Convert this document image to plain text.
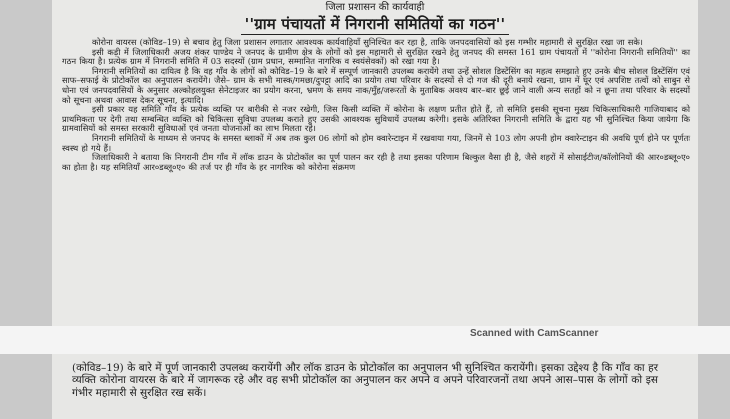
जिला प्रशासन की कार्यवाही
''ग्राम पंचायतों में निगरानी समितियों का गठन''

कोरोना वायरस (कोविड–19) से बचाव हेतु जिला प्रशासन लगातार आवश्यक कार्यवाहियाँ सुनिश्चित कर रहा है, ताकि जनपदवासियों को इस गम्भीर महामारी से सुरक्षित रखा जा सके।

इसी कड़ी में जिलाधिकारी अजय शंकर पाण्डेय ने जनपद के ग्रामीण क्षेत्र के लोगों को इस महामारी से सुरक्षित रखने हेतु जनपद की समस्त 161 ग्राम पंचायतों में ''कोरोना निगरानी समितियों'' का गठन किया है। प्रत्येक ग्राम में निगरानी समिति में 03 सदस्यों (ग्राम प्रधान, सम्मानित नागरिक व स्वयंसेवकों) को रखा गया है।

निगरानी समितियों का दायित्व है कि वह गाँव के लोगों को कोविड–19 के बारे में सम्पूर्ण जानकारी उपलब्ध करायेंगे तथा उन्हें सोशल डिस्टेंसिंग का महत्व समझाते हुए उनके बीच सोशल डिस्टेंसिंग एवं साफ–सफाई के प्रोटोकॉल का अनुपालन करायेंगे। जैसे– ग्राम के सभी मास्क/गमछा/दुपट्टा आदि का प्रयोग तथा परिवार के सदस्यों से दो गज की दूरी बनाये रखना, ग्राम में घूर एवं अपशिष्ट तत्वों को साबुन से धोना एवं जनपदवासियों के अनुसार अल्कोहलयुक्त सेनेटाइजर का प्रयोग करना, भ्रमण के समय नाक/मुँह/जरूरतों के मुताबिक अवश्य बार–बार छूई जाने वाली अन्य सतहों को न छूना तथा परिवार के सदस्यों को सूचना अथवा आवास देकर सूचना, इत्यादि।

इसी प्रकार यह समिति गाँव के प्रत्येक व्यक्ति पर बारीकी से नजर रखेगी, जिस किसी व्यक्ति में कोरोना के लक्षण प्रतीत होते हैं, तो समिति इसकी सूचना मुख्य चिकित्साधिकारी गाजियाबाद को प्राथमिकता पर देगी तथा सम्बन्धित व्यक्ति को चिकित्सा सुविधा उपलब्ध कराते हुए उसकी आवश्यक सुविधायें उपलब्ध करेगी। इसके अतिरिक्त निगरानी समिति के द्वारा यह भी सुनिश्चित किया जायेगा कि ग्रामवासियों को समस्त सरकारी सुविधाओं एवं जनता योजनाओं का लाभ मिलता रहे।

निगरानी समितियों के माध्यम से जनपद के समस्त ब्लाकों में अब तक कुल 06 लोगों को होम क्वारेन्टाइन में रखवाया गया, जिनमें से 103 लोग अपनी होम क्वारेन्टाइन की अवधि पूर्ण होने पर पूर्णतः स्वस्थ हो गये हैं।

जिलाधिकारी ने बताया कि निगरानी टीम गाँव में लॉक डाउन के प्रोटोकॉल का पूर्ण पालन कर रही है तथा इसका परिणाम बिल्कुल वैसा ही है, जैसे शहरों में सोसाईटीज/कॉलोनियों की आर०डब्लू०ए० का होता है। यह समितियाँ आर०डब्लू०ए० की तर्ज पर ही गाँव के हर नागरिक को कोरोना संक्रमण

Scanned with CamScanner

(कोविड–19) के बारे में पूर्ण जानकारी उपलब्ध करायेंगी और लॉक डाउन के प्रोटोकॉल का अनुपालन भी सुनिश्चित करायेंगी। इसका उद्देश्य है कि गाँव का हर व्यक्ति कोरोना वायरस के बारे में जागरूक रहे और वह सभी प्रोटोकॉल का अनुपालन कर अपने व अपने परिवारजनों तथा अपने आस–पास के लोगों को इस गंभीर महामारी से सुरक्षित रख सकें।
